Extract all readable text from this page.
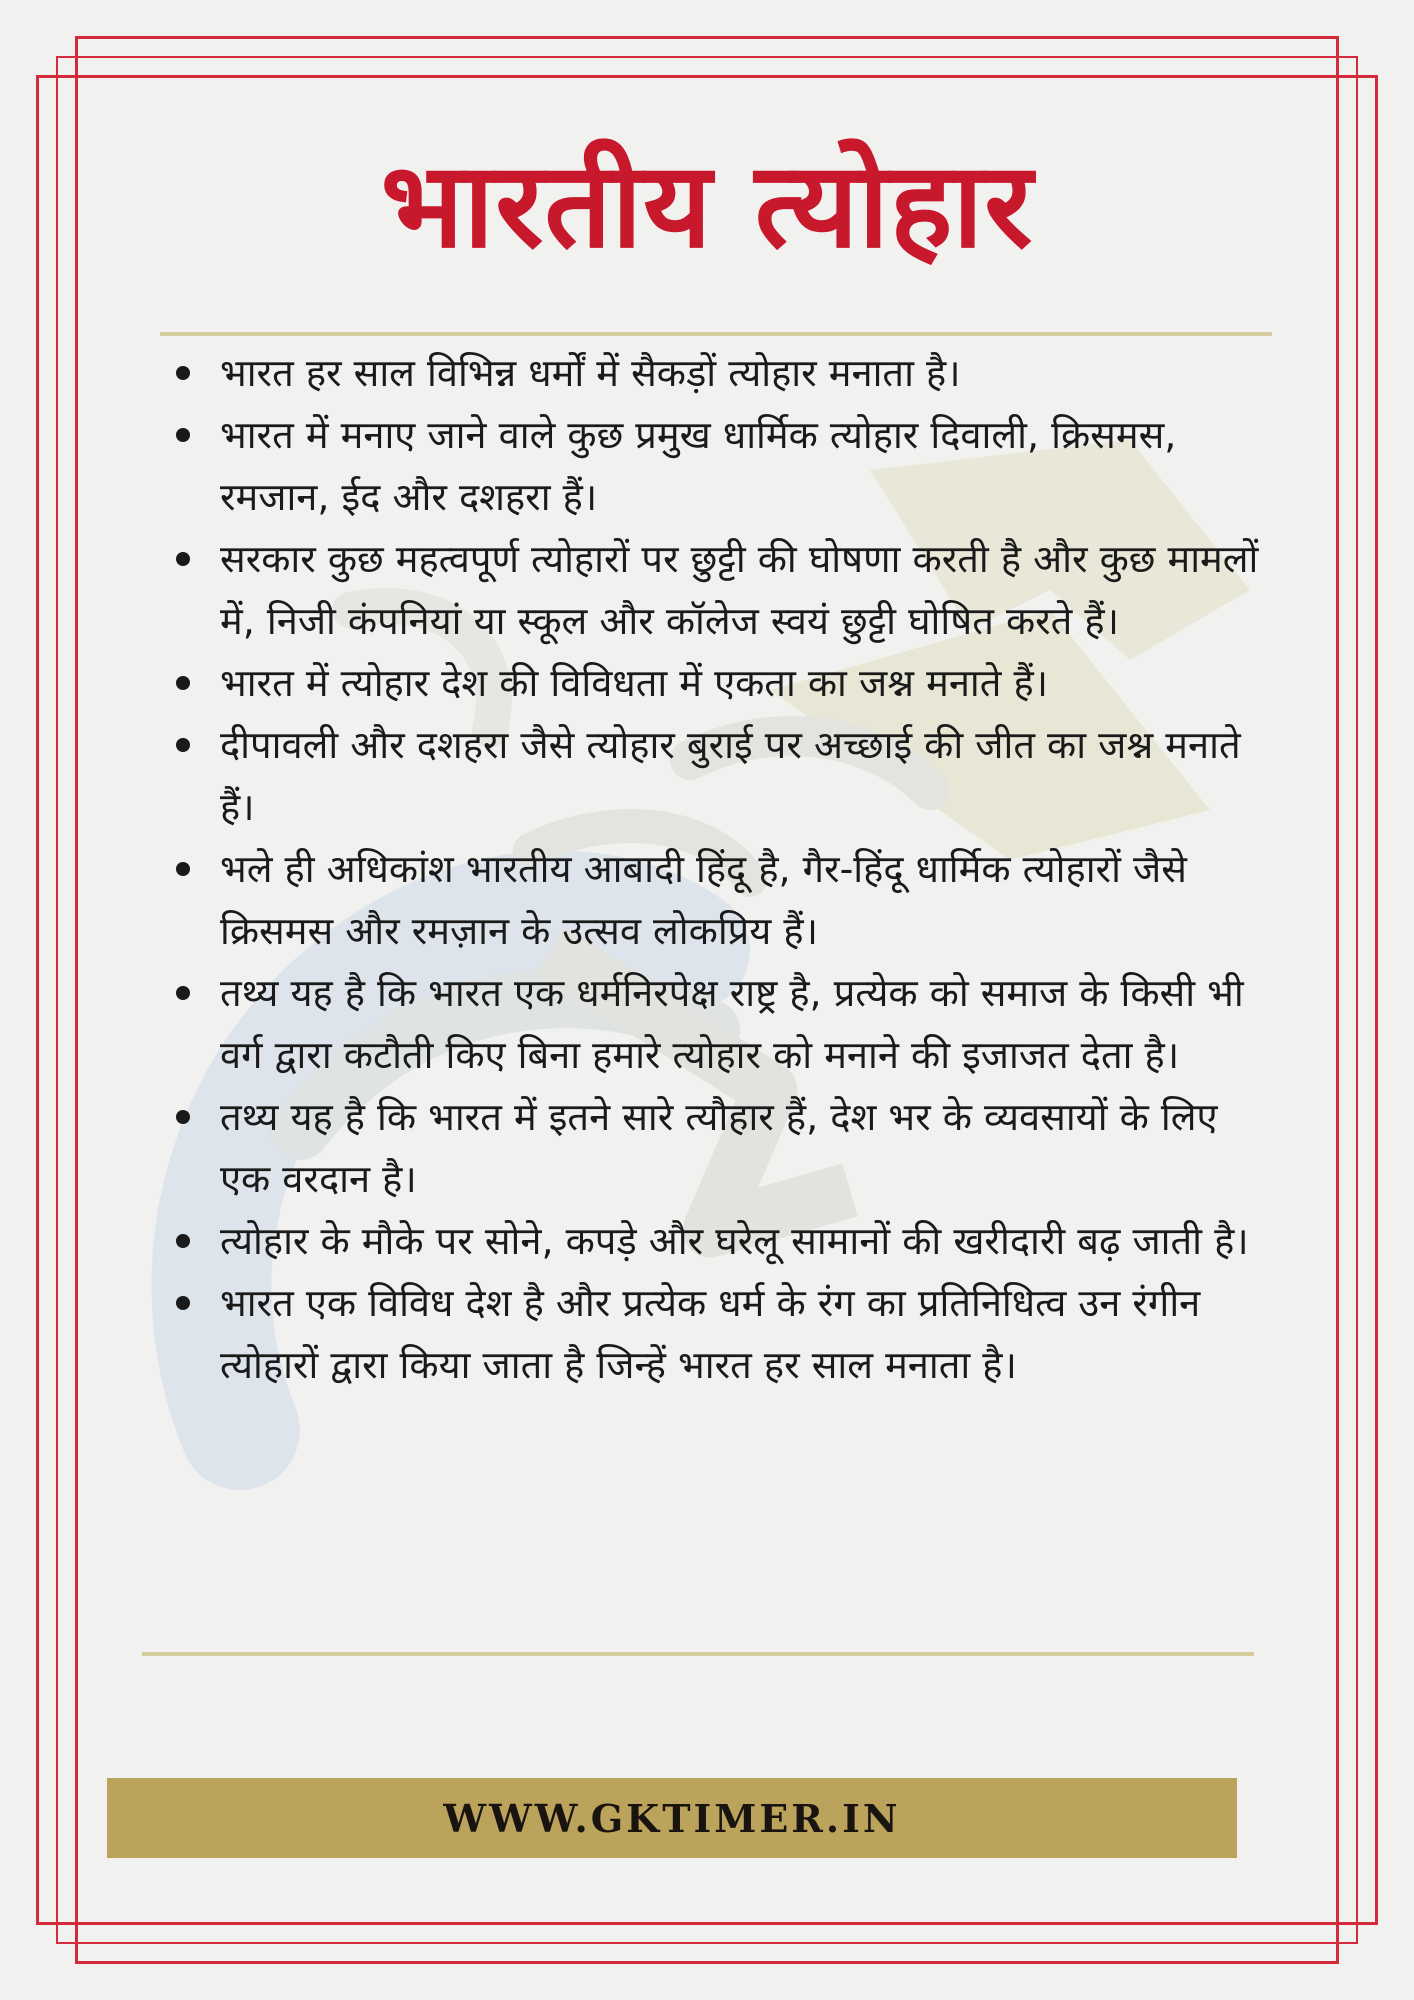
भारतीय त्योहार
भारत हर साल विभिन्न धर्मों में सैकड़ों त्योहार मनाता है।
भारत में मनाए जाने वाले कुछ प्रमुख धार्मिक त्योहार दिवाली, क्रिसमस, रमजान, ईद और दशहरा हैं।
सरकार कुछ महत्वपूर्ण त्योहारों पर छुट्टी की घोषणा करती है और कुछ मामलों में, निजी कंपनियां या स्कूल और कॉलेज स्वयं छुट्टी घोषित करते हैं।
भारत में त्योहार देश की विविधता में एकता का जश्न मनाते हैं।
दीपावली और दशहरा जैसे त्योहार बुराई पर अच्छाई की जीत का जश्न मनाते हैं।
भले ही अधिकांश भारतीय आबादी हिंदू है, गैर-हिंदू धार्मिक त्योहारों जैसे क्रिसमस और रमज़ान के उत्सव लोकप्रिय हैं।
तथ्य यह है कि भारत एक धर्मनिरपेक्ष राष्ट्र है, प्रत्येक को समाज के किसी भी वर्ग द्वारा कटौती किए बिना हमारे त्योहार को मनाने की इजाजत देता है।
तथ्य यह है कि भारत में इतने सारे त्यौहार हैं, देश भर के व्यवसायों के लिए एक वरदान है।
त्योहार के मौके पर सोने, कपड़े और घरेलू सामानों की खरीदारी बढ़ जाती है।
भारत एक विविध देश है और प्रत्येक धर्म के रंग का प्रतिनिधित्व उन रंगीन त्योहारों द्वारा किया जाता है जिन्हें भारत हर साल मनाता है।
WWW.GKTIMER.IN
